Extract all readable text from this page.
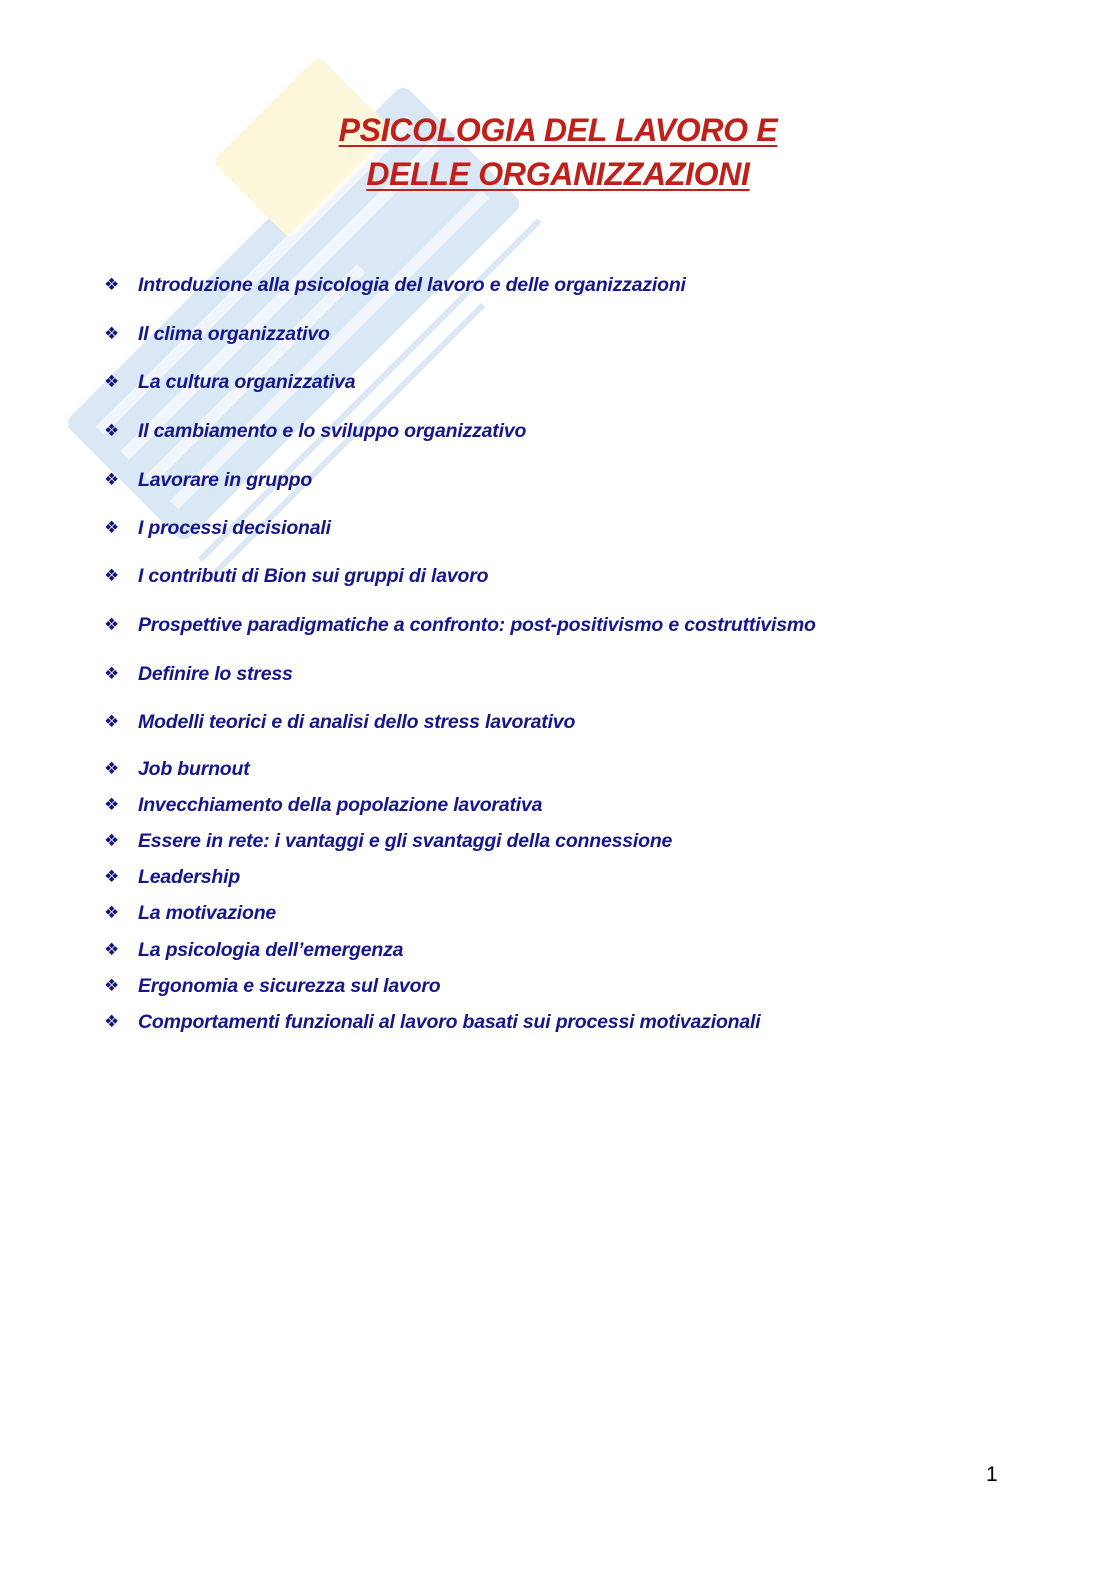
PSICOLOGIA DEL LAVORO E
DELLE ORGANIZZAZIONI
❖ Introduzione alla psicologia del lavoro e delle organizzazioni
❖ Il clima organizzativo
❖ La cultura organizzativa
❖ Il cambiamento e lo sviluppo organizzativo
❖ Lavorare in gruppo
❖ I processi decisionali
❖ I contributi di Bion sui gruppi di lavoro
❖ Prospettive paradigmatiche a confronto: post-positivismo e costruttivismo
❖ Definire lo stress
❖ Modelli teorici e di analisi dello stress lavorativo
❖ Job burnout
❖ Invecchiamento della popolazione lavorativa
❖ Essere in rete: i vantaggi e gli svantaggi della connessione
❖ Leadership
❖ La motivazione
❖ La psicologia dell’emergenza
❖ Ergonomia e sicurezza sul lavoro
❖ Comportamenti funzionali al lavoro basati sui processi motivazionali
1
